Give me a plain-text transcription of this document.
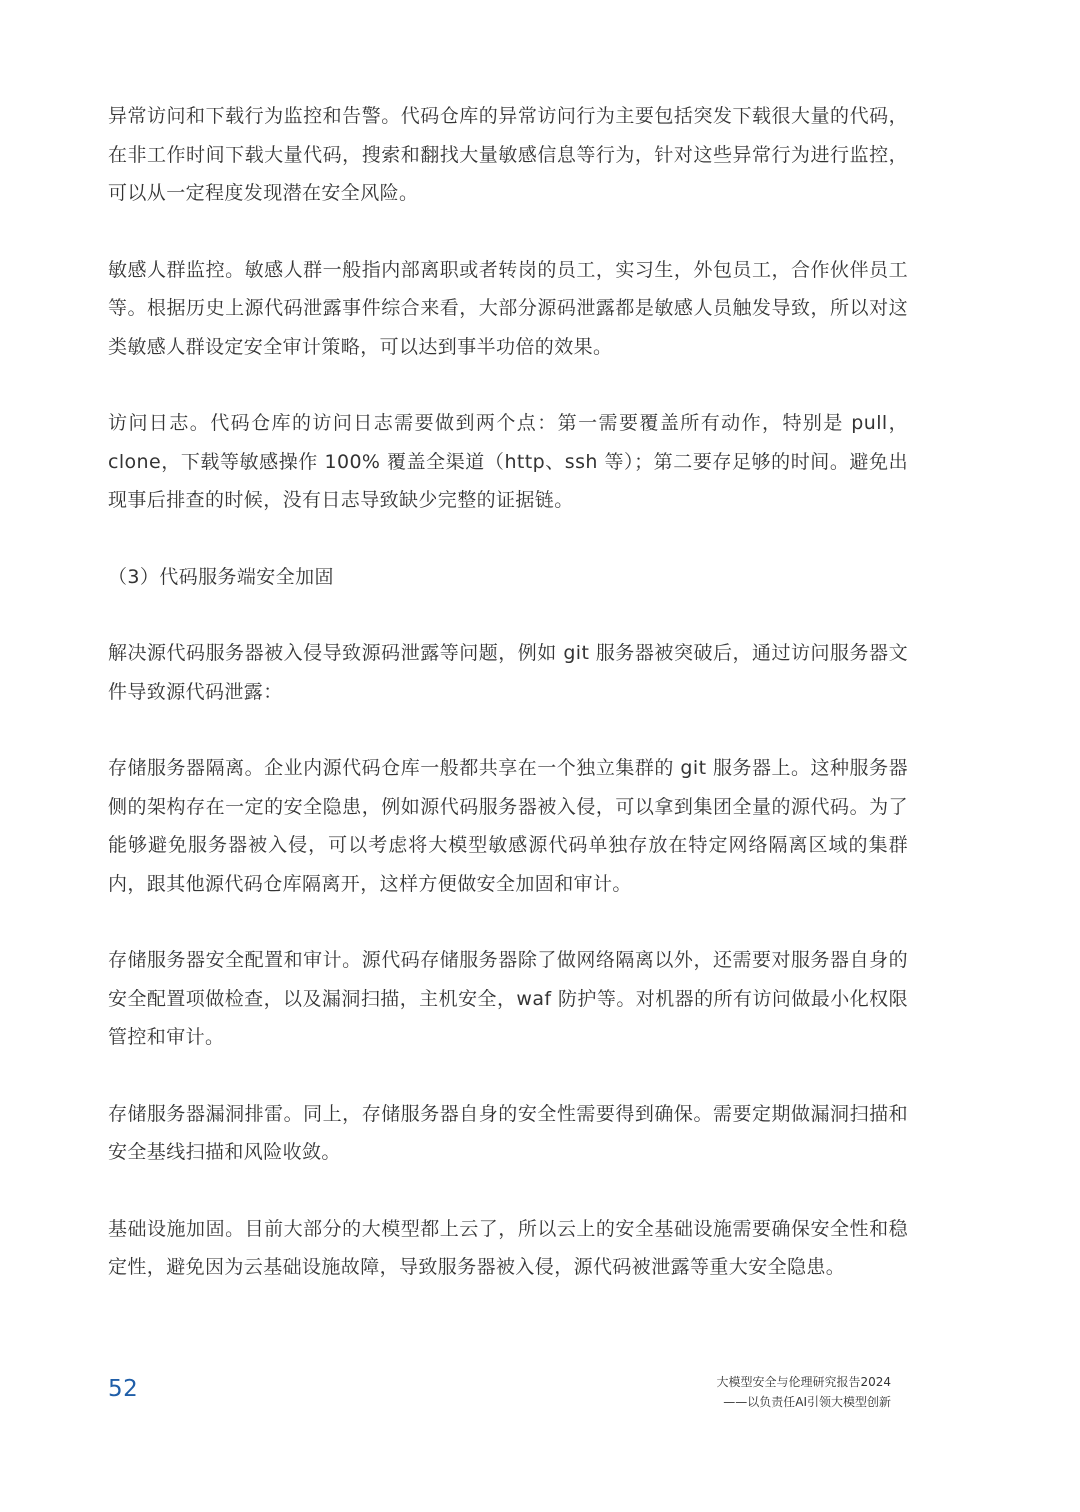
异常访问和下载行为监控和告警。代码仓库的异常访问行为主要包括突发下载很大量的代码，在非工作时间下载大量代码，搜索和翻找大量敏感信息等行为，针对这些异常行为进行监控，可以从一定程度发现潜在安全风险。

敏感人群监控。敏感人群一般指内部离职或者转岗的员工，实习生，外包员工，合作伙伴员工等。根据历史上源代码泄露事件综合来看，大部分源码泄露都是敏感人员触发导致，所以对这类敏感人群设定安全审计策略，可以达到事半功倍的效果。

访问日志。代码仓库的访问日志需要做到两个点：第一需要覆盖所有动作，特别是 pull，clone，下载等敏感操作 100% 覆盖全渠道（http、ssh 等）；第二要存足够的时间。避免出现事后排查的时候，没有日志导致缺少完整的证据链。

（3）代码服务端安全加固

解决源代码服务器被入侵导致源码泄露等问题，例如 git 服务器被突破后，通过访问服务器文件导致源代码泄露：

存储服务器隔离。企业内源代码仓库一般都共享在一个独立集群的 git 服务器上。这种服务器侧的架构存在一定的安全隐患，例如源代码服务器被入侵，可以拿到集团全量的源代码。为了能够避免服务器被入侵，可以考虑将大模型敏感源代码单独存放在特定网络隔离区域的集群内，跟其他源代码仓库隔离开，这样方便做安全加固和审计。

存储服务器安全配置和审计。源代码存储服务器除了做网络隔离以外，还需要对服务器自身的安全配置项做检查，以及漏洞扫描，主机安全，waf 防护等。对机器的所有访问做最小化权限管控和审计。

存储服务器漏洞排雷。同上，存储服务器自身的安全性需要得到确保。需要定期做漏洞扫描和安全基线扫描和风险收敛。

基础设施加固。目前大部分的大模型都上云了，所以云上的安全基础设施需要确保安全性和稳定性，避免因为云基础设施故障，导致服务器被入侵，源代码被泄露等重大安全隐患。

52	大模型安全与伦理研究报告2024
——以负责任AI引领大模型创新
